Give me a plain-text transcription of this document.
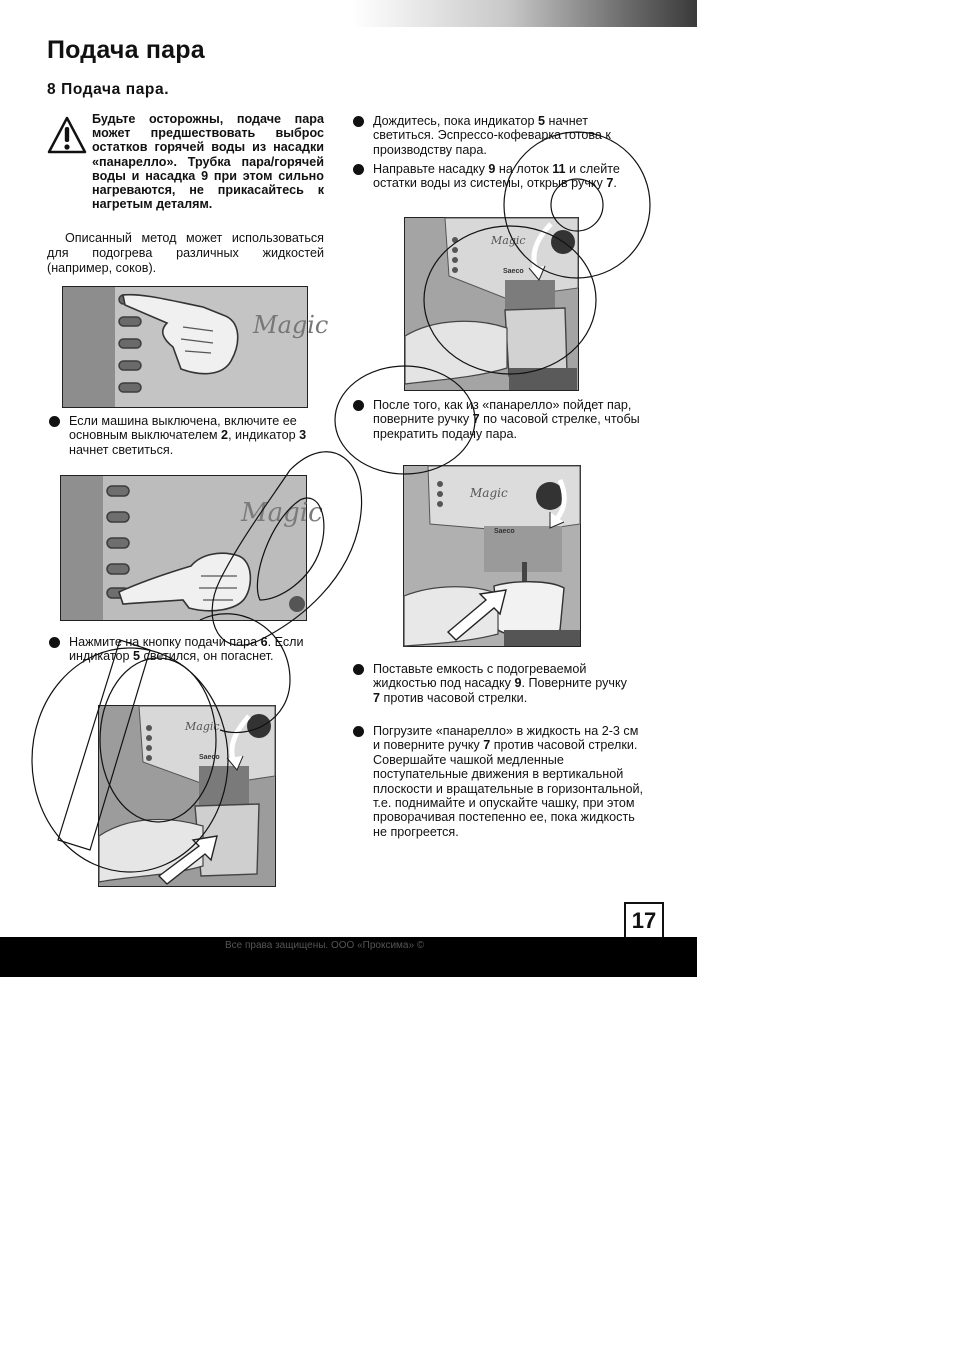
Подача пара
8 Подача пара.

Будьте осторожны, подаче пара может предшествовать выброс остатков горячей воды из насадки «панарелло». Трубка пара/горячей воды и насадка 9 при этом сильно нагреваются, не прикасайтесь к нагретым деталям.

Описанный метод может использоваться для подогрева различных жидкостей (например, соков).

Magic

Если машина выключена, включите ее основным выключателем 2, индикатор 3 начнет светиться.

Magic

Нажмите на кнопку подачи пара 6. Если индикатор 5 светился, он погаснет.

Magic
Saeco

Дождитесь, пока индикатор 5 начнет светиться. Эспрессо-кофеварка готова к производству пара.

Направьте насадку 9 на лоток 11 и слейте остатки воды из системы, открыв ручку 7.

Magic
Saeco

После того, как из «панарелло» пойдет пар, поверните ручку 7 по часовой стрелке, чтобы прекратить подачу пара.

Magic
Saeco

Поставьте емкость с подогреваемой жидкостью под насадку 9. Поверните ручку 7 против часовой стрелки.

Погрузите «панарелло» в жидкость на 2-3 см и поверните ручку 7 против часовой стрелки. Совершайте чашкой медленные поступательные движения в вертикальной плоскости и вращательные в горизонтальной, т.е. поднимайте и опускайте чашку, при этом проворачивая постепенно ее, пока жидкость не прогреется.

17
Все права защищены. ООО «Проксима» ©
